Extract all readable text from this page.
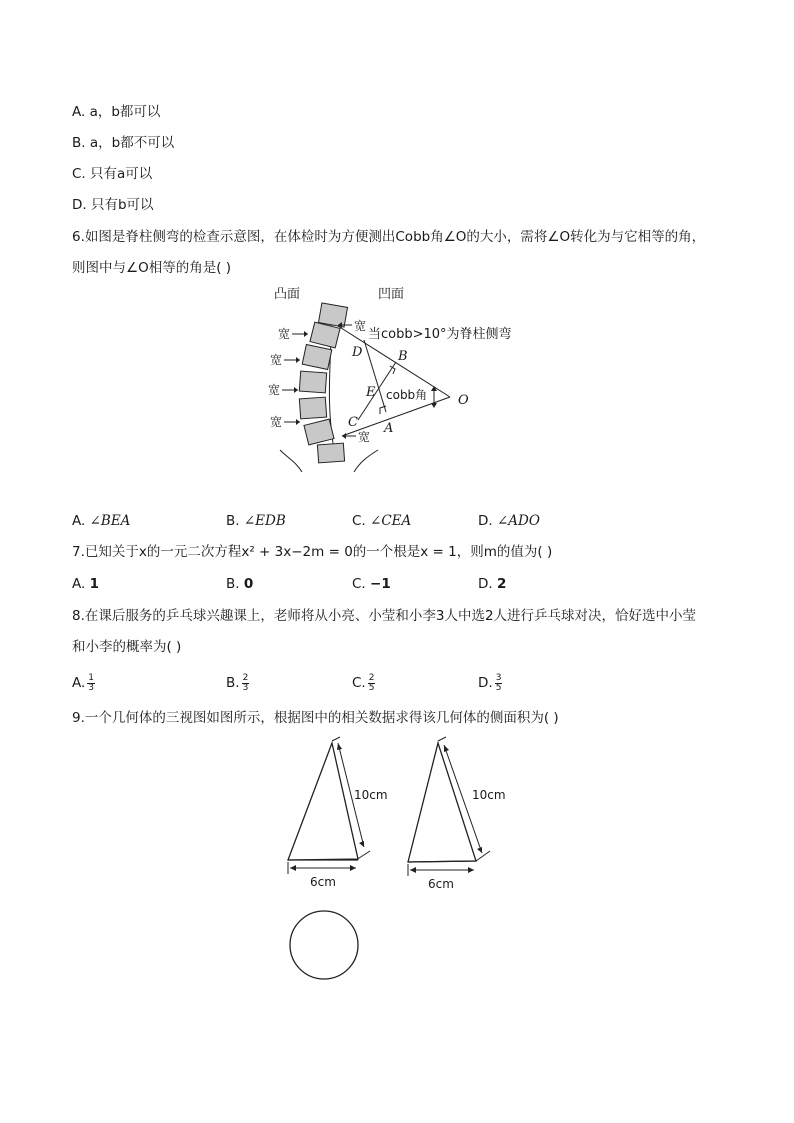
A. a，b都可以
B. a，b都不可以
C. 只有a可以
D. 只有b可以
6.如图是脊柱侧弯的检查示意图，在体检时为方便测出Cobb角∠O的大小，需将∠O转化为与它相等的角，
则图中与∠O相等的角是( )
凸面	凹面
宽
宽
宽
宽
宽
宽
当cobb>10°为脊柱侧弯
cobb角
D	B
E
C A
O
A. ∠BEA	B. ∠EDB	C. ∠CEA	D. ∠ADO
7.已知关于x的一元二次方程x² + 3x−2m = 0的一个根是x = 1，则m的值为( )
A. 1	B. 0	C. −1	D. 2
8.在课后服务的乒乓球兴趣课上，老师将从小亮、小莹和小李3人中选2人进行乒乓球对决，恰好选中小莹
和小李的概率为( )
A. $\frac{1}{3}$	B. $\frac{2}{3}$	C. $\frac{2}{5}$	D. $\frac{3}{5}$
9.一个几何体的三视图如图所示，根据图中的相关数据求得该几何体的侧面积为( )
10cm
6cm
10cm
6cm
